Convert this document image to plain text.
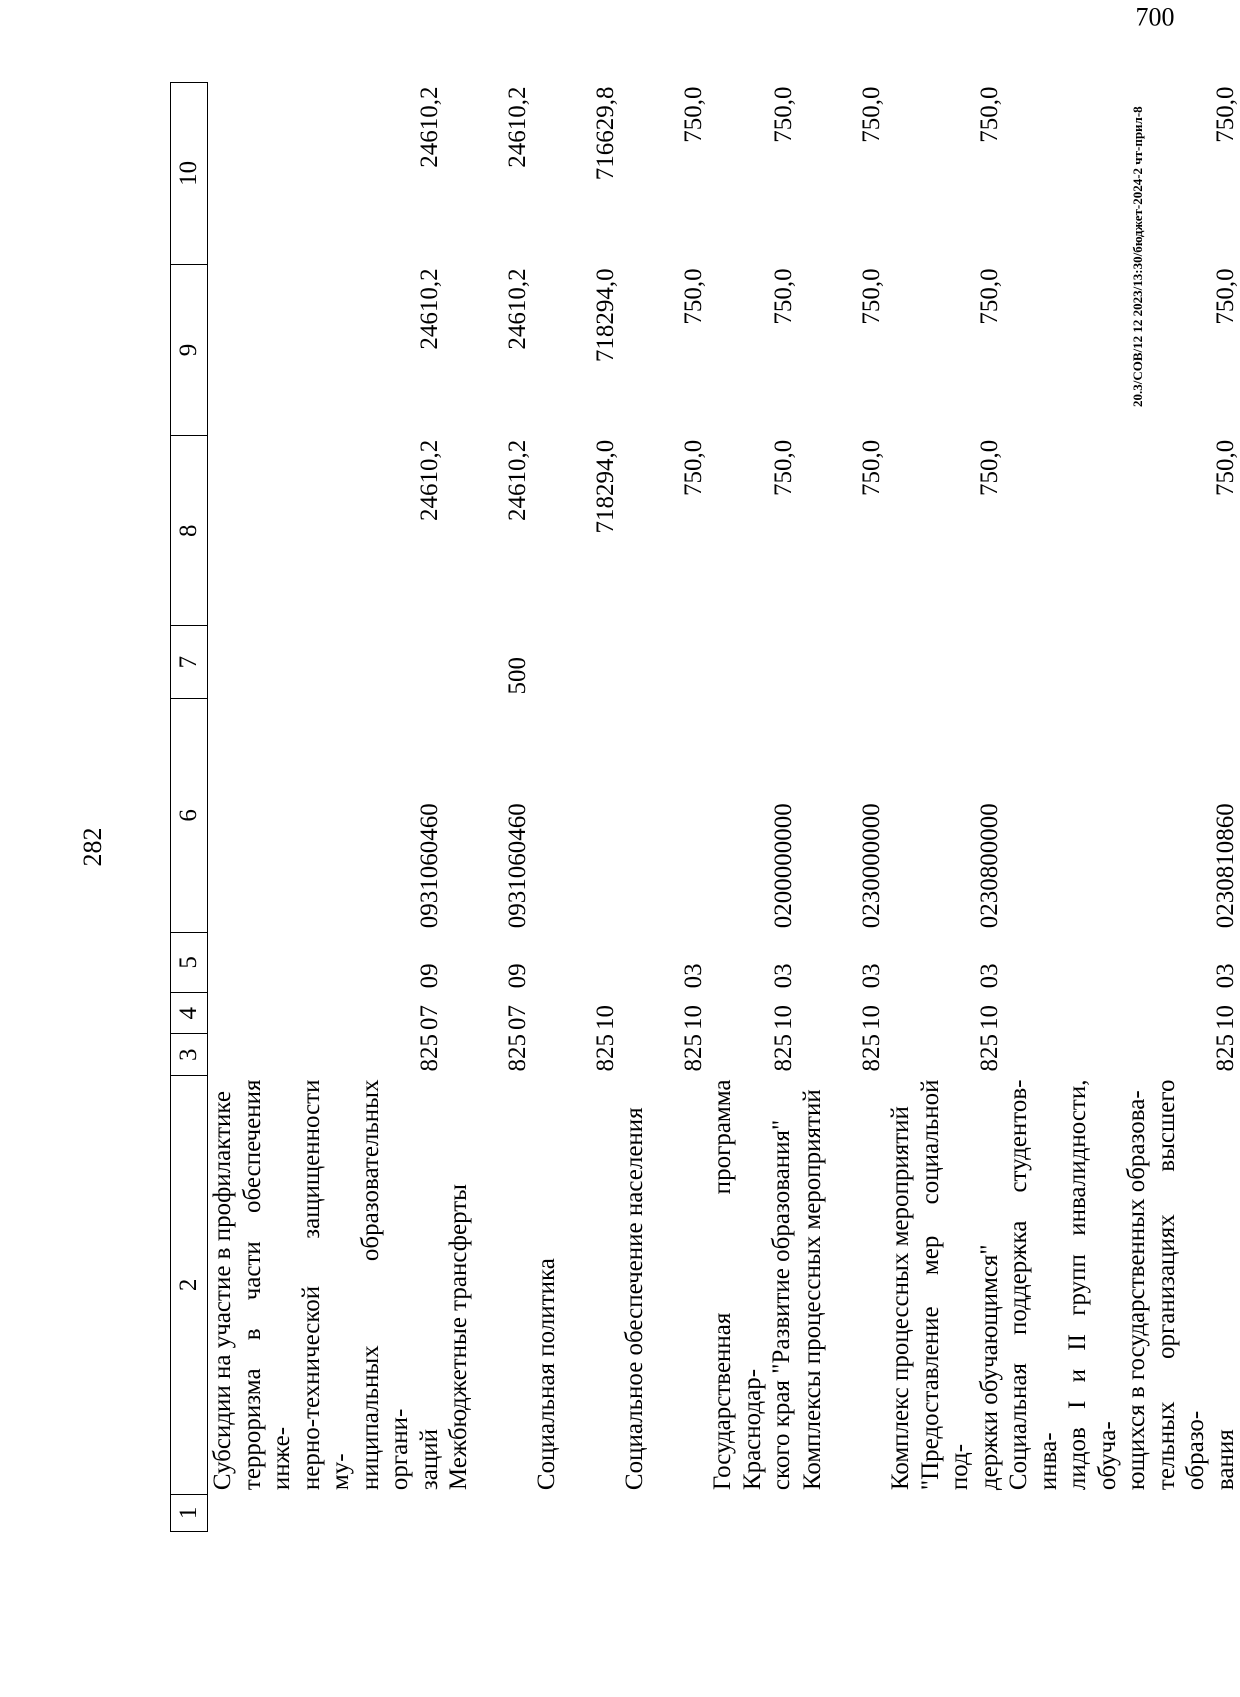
282
1	2	3	4	5	6	7	8	9	10
	Субсидии на участие в профилактике терроризма в части обеспечения инже- нерно-технической защищенности му- ниципальных образовательных органи- заций	825	07	09	0931060460		24610,2	24610,2	24610,2
	Межбюджетные трансферты	825	07	09	0931060460	500	24610,2	24610,2	24610,2
	Социальная политика	825	10				718294,0	718294,0	716629,8
	Социальное обеспечение населения	825	10	03			750,0	750,0	750,0
	Государственная программа Краснодар- ского края "Развитие образования"	825	10	03	0200000000		750,0	750,0	750,0
	Комплексы процессных мероприятий	825	10	03	0230000000		750,0	750,0	750,0
	Комплекс процессных мероприятий "Предоставление мер социальной под- держки обучающимся"	825	10	03	0230800000		750,0	750,0	750,0
	Социальная поддержка студентов-инва- лидов I и II групп инвалидности, обуча- ющихся в государственных образова- тельных организациях высшего образо- вания	825	10	03	0230810860		750,0	750,0	750,0
20.3/СОВ/12 12 2023/13:30/бюджет-2024-2 чт-прил-8
700
